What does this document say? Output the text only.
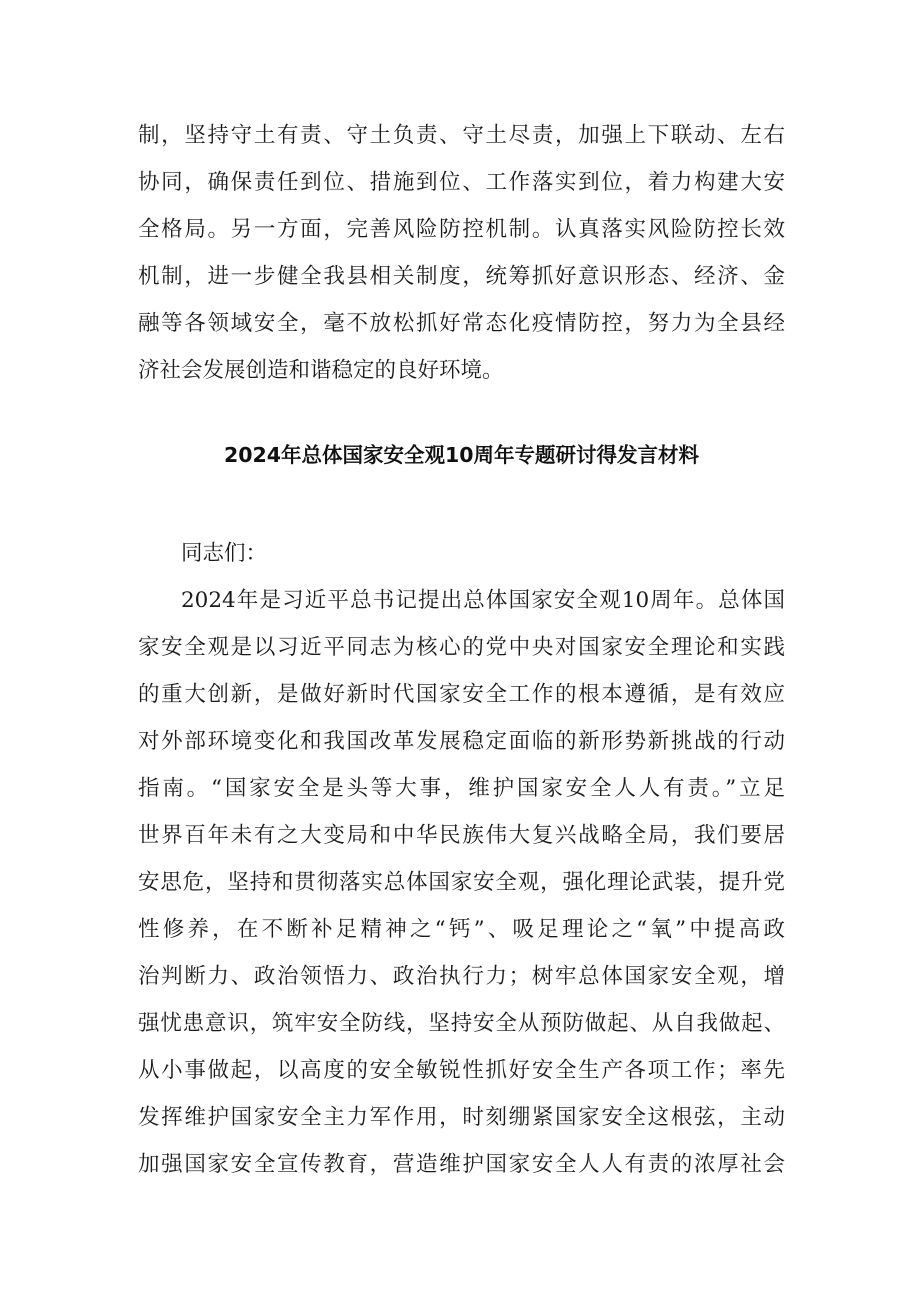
制，坚持守土有责、守土负责、守土尽责，加强上下联动、左右
协同，确保责任到位、措施到位、工作落实到位，着力构建大安
全格局。另一方面，完善风险防控机制。认真落实风险防控长效
机制，进一步健全我县相关制度，统筹抓好意识形态、经济、金
融等各领域安全，毫不放松抓好常态化疫情防控，努力为全县经
济社会发展创造和谐稳定的良好环境。
2024年总体国家安全观10周年专题研讨得发言材料
同志们：
2024年是习近平总书记提出总体国家安全观10周年。总体国
家安全观是以习近平同志为核心的党中央对国家安全理论和实践
的重大创新，是做好新时代国家安全工作的根本遵循，是有效应
对外部环境变化和我国改革发展稳定面临的新形势新挑战的行动
指南。“国家安全是头等大事，维护国家安全人人有责。”立足
世界百年未有之大变局和中华民族伟大复兴战略全局，我们要居
安思危，坚持和贯彻落实总体国家安全观，强化理论武装，提升党
性修养，在不断补足精神之“钙”、吸足理论之“氧”中提高政
治判断力、政治领悟力、政治执行力；树牢总体国家安全观，增
强忧患意识，筑牢安全防线，坚持安全从预防做起、从自我做起、
从小事做起，以高度的安全敏锐性抓好安全生产各项工作；率先
发挥维护国家安全主力军作用，时刻绷紧国家安全这根弦，主动
加强国家安全宣传教育，营造维护国家安全人人有责的浓厚社会
